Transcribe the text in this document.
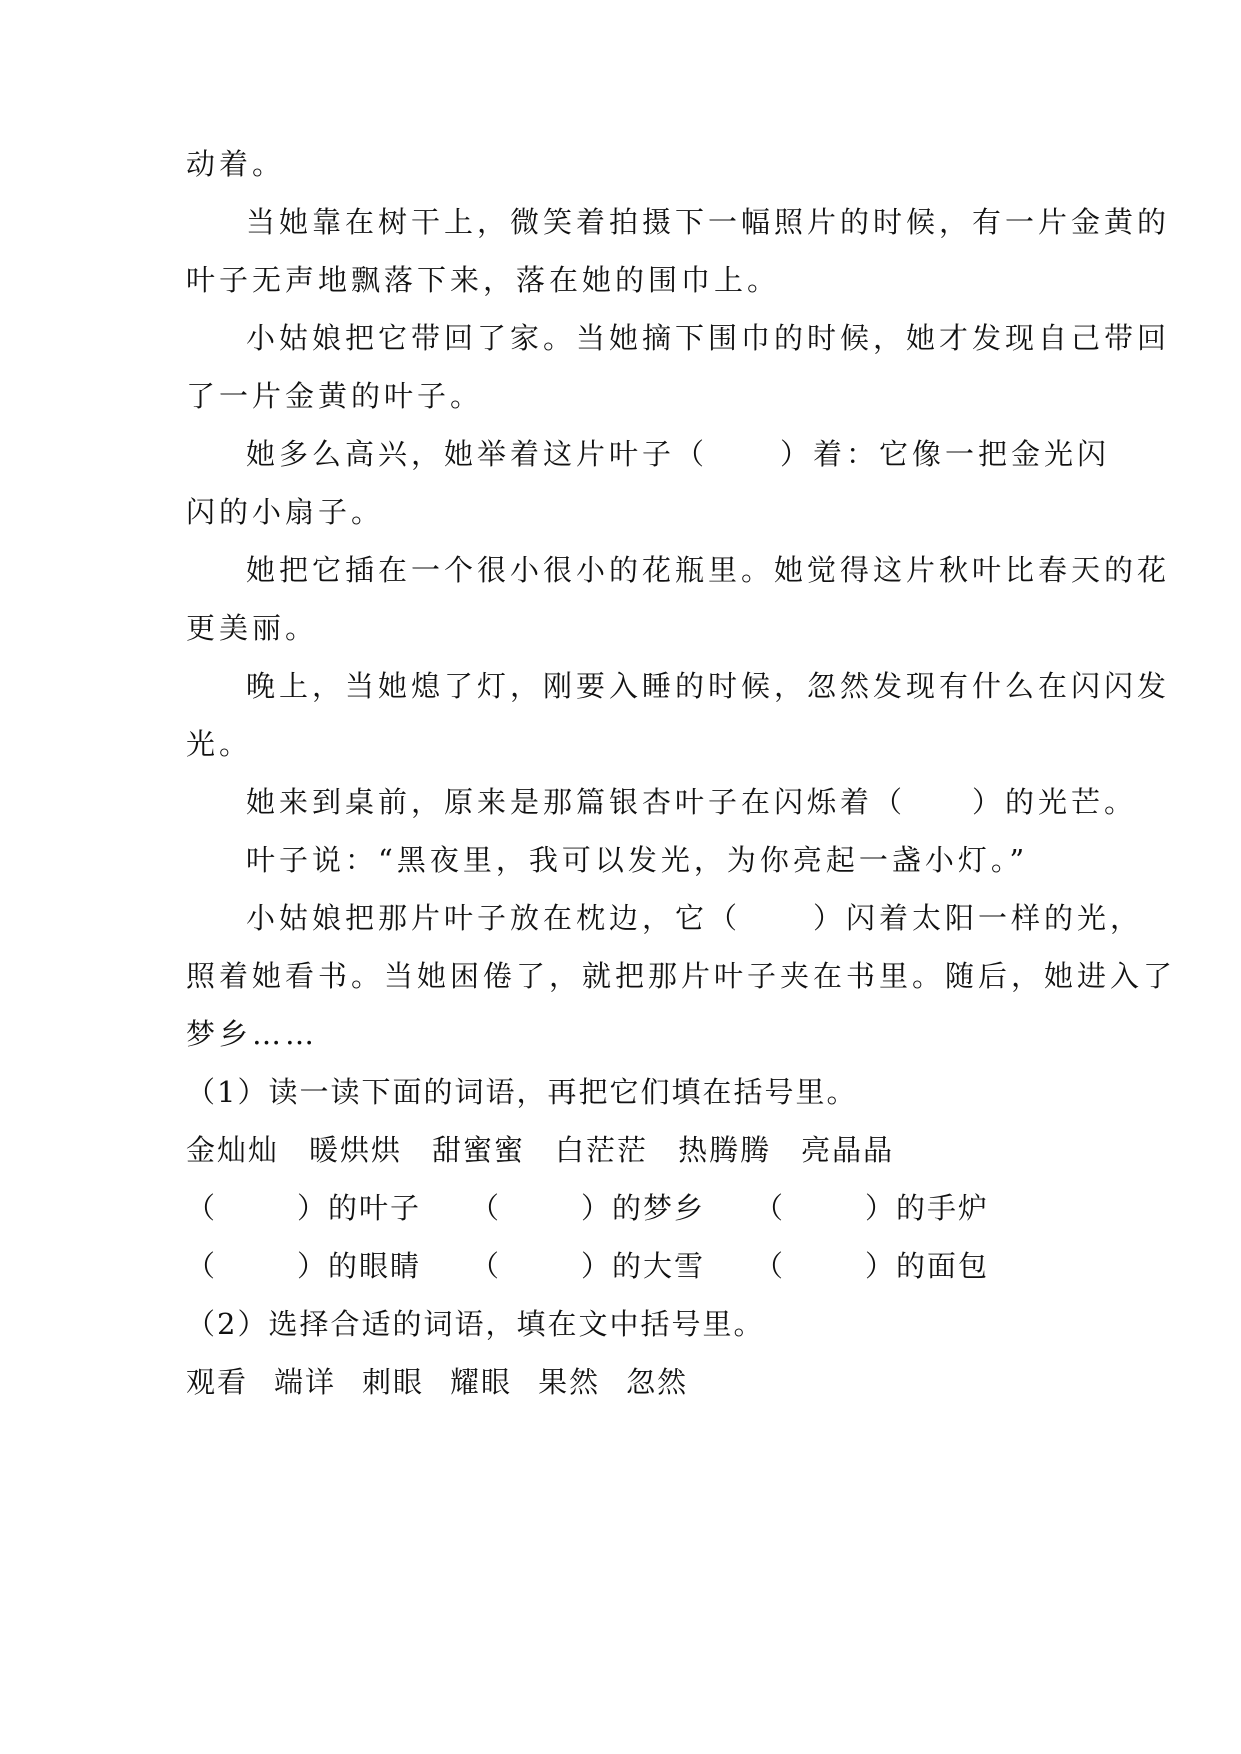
动着。

当她靠在树干上，微笑着拍摄下一幅照片的时候，有一片金黄的

叶子无声地飘落下来，落在她的围巾上。

小姑娘把它带回了家。当她摘下围巾的时候，她才发现自己带回

了一片金黄的叶子。

她多么高兴，她举着这片叶子（ ）着：它像一把金光闪

闪的小扇子。

她把它插在一个很小很小的花瓶里。她觉得这片秋叶比春天的花

更美丽。

晚上，当她熄了灯，刚要入睡的时候，忽然发现有什么在闪闪发

光。

她来到桌前，原来是那篇银杏叶子在闪烁着（ ）的光芒。

叶子说：“黑夜里，我可以发光，为你亮起一盏小灯。”

小姑娘把那片叶子放在枕边，它（ ）闪着太阳一样的光，

照着她看书。当她困倦了，就把那片叶子夹在书里。随后，她进入了

梦乡……

（1）读一读下面的词语，再把它们填在括号里。

金灿灿 暖烘烘 甜蜜蜜 白茫茫 热腾腾 亮晶晶

（	）的叶子 （	）的梦乡 （	）的手炉
（	）的眼睛 （	）的大雪 （	）的面包

（2）选择合适的词语，填在文中括号里。

观看 端详 刺眼 耀眼 果然 忽然
